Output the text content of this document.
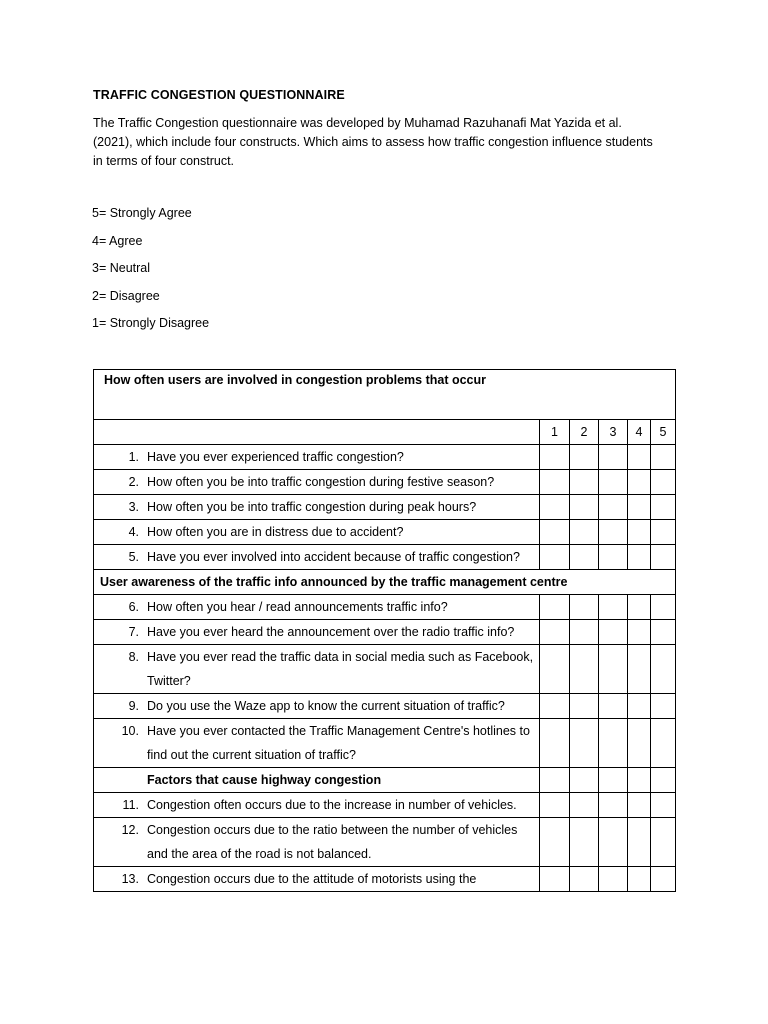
TRAFFIC CONGESTION QUESTIONNAIRE
The Traffic Congestion questionnaire was developed by Muhamad Razuhanafi Mat Yazida et al. (2021), which include four constructs. Which aims to assess how traffic congestion influence students in terms of four construct.
5= Strongly Agree
4= Agree
3= Neutral
2= Disagree
1= Strongly Disagree
How often users are involved in congestion problems that occur					
	1	2	3	4	5

1. Have you ever experienced traffic congestion?					

2. How often you be into traffic congestion during festive season?					

3. How often you be into traffic congestion during peak hours?					

4. How often you are in distress due to accident?					

5. Have you ever involved into accident because of traffic congestion?					
User awareness of the traffic info announced by the traffic management centre					

6. How often you hear / read announcements traffic info?					

7. Have you ever heard the announcement over the radio traffic info?					

8. Have you ever read the traffic data in social media such as Facebook, Twitter?					

9. Do you use the Waze app to know the current situation of traffic?					

10. Have you ever contacted the Traffic Management Centre's hotlines to find out the current situation of traffic?					
Factors that cause highway congestion					

11. Congestion often occurs due to the increase in number of vehicles.					

12. Congestion occurs due to the ratio between the number of vehicles and the area of the road is not balanced.					

13. Congestion occurs due to the attitude of motorists using the					
